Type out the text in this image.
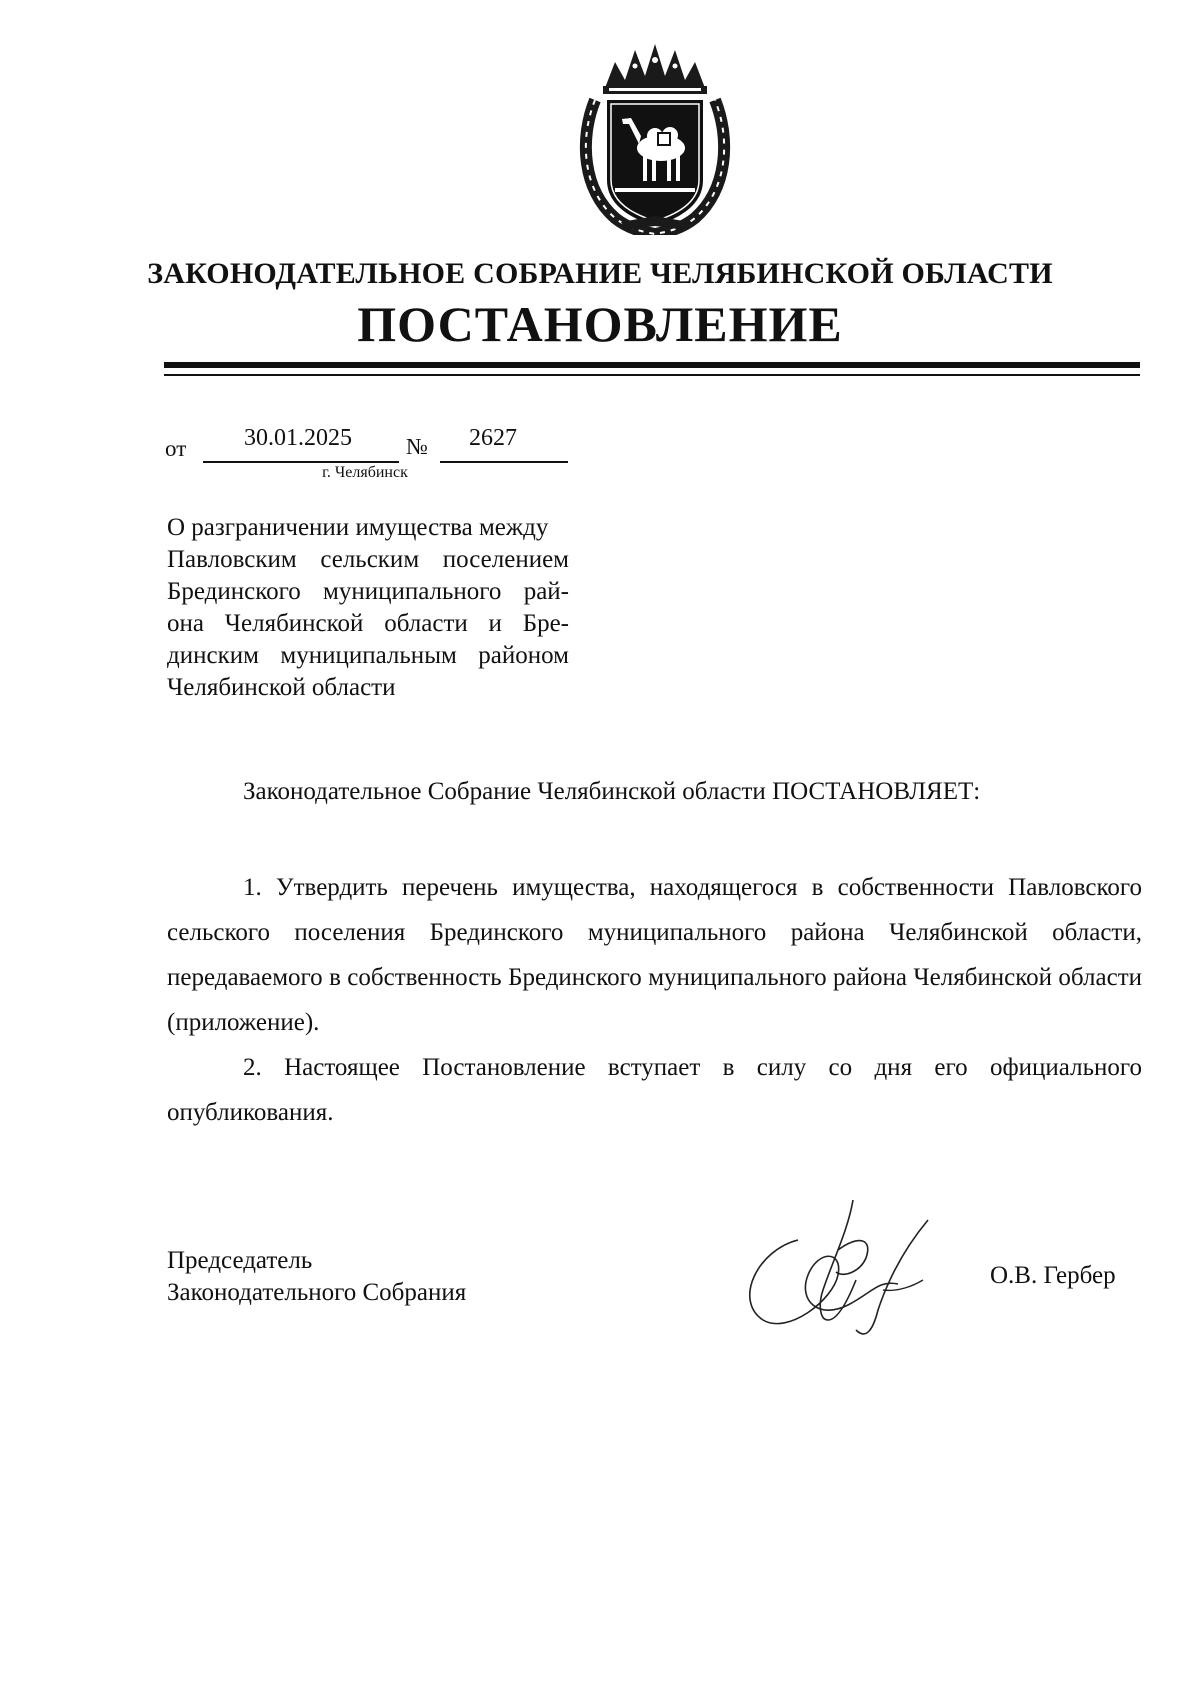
ЗАКОНОДАТЕЛЬНОЕ СОБРАНИЕ ЧЕЛЯБИНСКОЙ ОБЛАСТИ
ПОСТАНОВЛЕНИЕ
от	30.01.2025	№	2627
г. Челябинск
О разграничении имущества между
Павловским сельским поселением
Брединского муниципального рай-
она Челябинской области и Бре-
динским муниципальным районом
Челябинской области
Законодательное Собрание Челябинской области ПОСТАНОВЛЯЕТ:

1. Утвердить перечень имущества, находящегося в собственности Павловского сельского поселения Брединского муниципального района Челябинской области, передаваемого в собственность Брединского муниципального района Челябинской области (приложение).

2. Настоящее Постановление вступает в силу со дня его официального опубликования.

Председатель
Законодательного Собрания
О.В. Гербер
